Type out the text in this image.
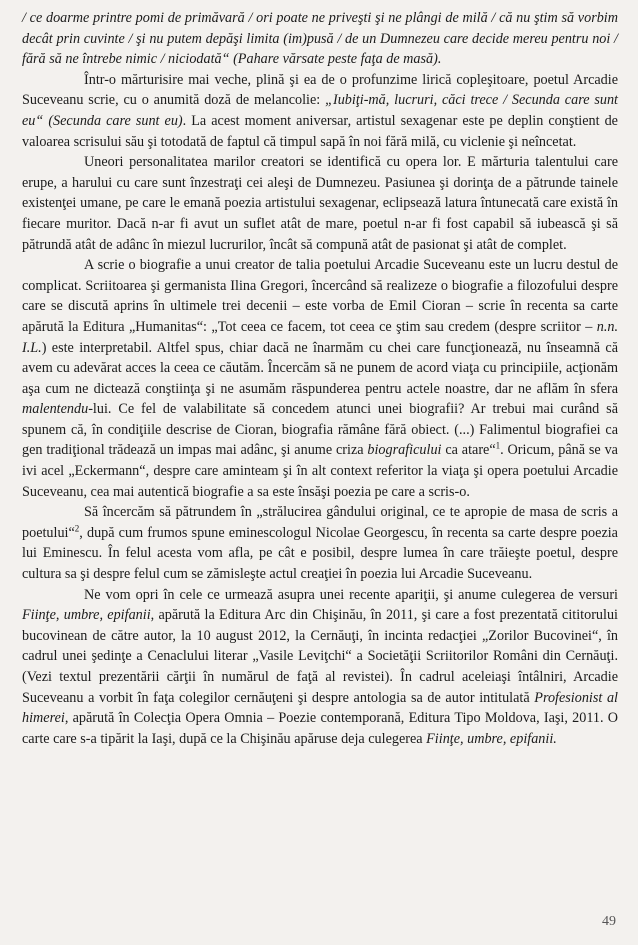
/ ce doarme printre pomi de primăvară / ori poate ne priveşti şi ne plângi de milă / că nu ştim să vorbim decât prin cuvinte / şi nu putem depăşi limita (im)pusă / de un Dumnezeu care decide mereu pentru noi / fără să ne întrebe nimic / niciodată“ (Pahare vărsate peste faţa de masă).

Într-o mărturisire mai veche, plină şi ea de o profunzime lirică copleşitoare, poetul Arcadie Suceveanu scrie, cu o anumită doză de melancolie: „Iubiţi-mă, lucruri, căci trece / Secunda care sunt eu“ (Secunda care sunt eu). La acest moment aniversar, artistul sexagenar este pe deplin conştient de valoarea scrisului său şi totodată de faptul că timpul sapă în noi fără milă, cu viclenie şi neîncetat.

Uneori personalitatea marilor creatori se identifică cu opera lor. E mărturia talentului care erupe, a harului cu care sunt înzestraţi cei aleşi de Dumnezeu. Pasiunea şi dorinţa de a pătrunde tainele existenţei umane, pe care le emană poezia artistului sexagenar, eclipsează latura întunecată care există în fiecare muritor. Dacă n-ar fi avut un suflet atât de mare, poetul n-ar fi fost capabil să iubească şi să pătrundă atât de adânc în miezul lucrurilor, încât să compună atât de pasionat şi atât de complet.

A scrie o biografie a unui creator de talia poetului Arcadie Suceveanu este un lucru destul de complicat. Scriitoarea şi germanista Ilina Gregori, încercând să realizeze o biografie a filozofului despre care se discută aprins în ultimele trei decenii – este vorba de Emil Cioran – scrie în recenta sa carte apărută la Editura „Humanitas“: „Tot ceea ce facem, tot ceea ce ştim sau credem (despre scriitor – n.n. I.L.) este interpretabil. Altfel spus, chiar dacă ne înarmăm cu chei care funcţionează, nu înseamnă că avem cu adevărat acces la ceea ce căutăm. Încercăm să ne punem de acord viaţa cu principiile, acţionăm aşa cum ne dictează conştiinţa şi ne asumăm răspunderea pentru actele noastre, dar ne aflăm în sfera malentendu-lui. Ce fel de valabilitate să concedem atunci unei biografii? Ar trebui mai curând să spunem că, în condiţiile descrise de Cioran, biografia rămâne fără obiect. (...) Falimentul biografiei ca gen tradiţional trădează un impas mai adânc, şi anume criza biograficului ca atare“$^1$. Oricum, până se va ivi acel „Eckermann“, despre care aminteam şi în alt context referitor la viaţa şi opera poetului Arcadie Suceveanu, cea mai autentică biografie a sa este însăşi poezia pe care a scris-o.

Să încercăm să pătrundem în „strălucirea gândului original, ce te apropie de masa de scris a poetului“$^2$, după cum frumos spune eminescologul Nicolae Georgescu, în recenta sa carte despre poezia lui Eminescu. În felul acesta vom afla, pe cât e posibil, despre lumea în care trăieşte poetul, despre cultura sa şi despre felul cum se zămisleşte actul creaţiei în poezia lui Arcadie Suceveanu.

Ne vom opri în cele ce urmează asupra unei recente apariţii, şi anume culegerea de versuri Fiinţe, umbre, epifanii, apărută la Editura Arc din Chişinău, în 2011, şi care a fost prezentată cititorului bucovinean de către autor, la 10 august 2012, la Cernăuţi, în incinta redacţiei „Zorilor Bucovinei“, în cadrul unei şedinţe a Cenaclului literar „Vasile Leviţchi“ a Societăţii Scriitorilor Români din Cernăuţi. (Vezi textul prezentării cărţii în numărul de faţă al revistei). În cadrul aceleiaşi întâlniri, Arcadie Suceveanu a vorbit în faţa colegilor cernăuţeni şi despre antologia sa de autor intitulată Profesionist al himerei, apărută în Colecţia Opera Omnia – Poezie contemporană, Editura Tipo Moldova, Iaşi, 2011. O carte care s-a tipărit la Iaşi, după ce la Chişinău apăruse deja culegerea Fiinţe, umbre, epifanii.

49
